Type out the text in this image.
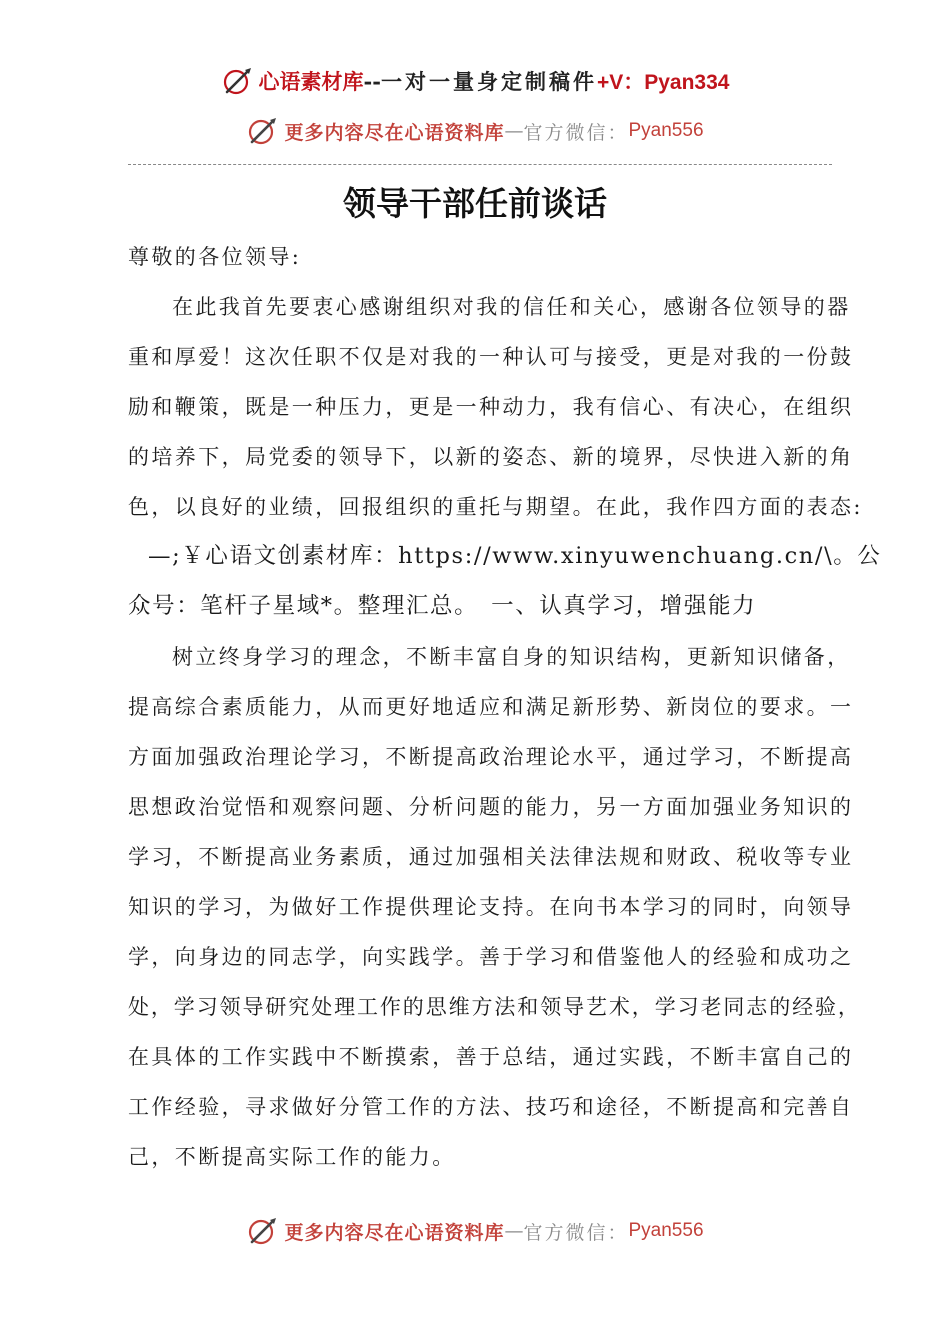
心语素材库 -- 一对一量身定制稿件 +V：Pyan334
更多内容尽在心语资料库 — 官方微信： Pyan556
领导干部任前谈话
尊敬的各位领导:
在此我首先要衷心感谢组织对我的信任和关心，感谢各位领导的器
重和厚爱！这次任职不仅是对我的一种认可与接受，更是对我的一份鼓
励和鞭策，既是一种压力，更是一种动力，我有信心、有决心，在组织
的培养下，局党委的领导下，以新的姿态、新的境界，尽快进入新的角
色，以良好的业绩，回报组织的重托与期望。在此，我作四方面的表态:
—;￥心语文创素材库：https://www.xinyuwenchuang.cn/\。公
众号：笔杆子星域*。整理汇总。　一、认真学习，增强能力
树立终身学习的理念，不断丰富自身的知识结构，更新知识储备，
提高综合素质能力，从而更好地适应和满足新形势、新岗位的要求。一
方面加强政治理论学习，不断提高政治理论水平，通过学习，不断提高
思想政治觉悟和观察问题、分析问题的能力，另一方面加强业务知识的
学习，不断提高业务素质，通过加强相关法律法规和财政、税收等专业
知识的学习，为做好工作提供理论支持。在向书本学习的同时，向领导
学，向身边的同志学，向实践学。善于学习和借鉴他人的经验和成功之
处，学习领导研究处理工作的思维方法和领导艺术，学习老同志的经验，
在具体的工作实践中不断摸索，善于总结，通过实践，不断丰富自己的
工作经验，寻求做好分管工作的方法、技巧和途径，不断提高和完善自
己，不断提高实际工作的能力。
更多内容尽在心语资料库 — 官方微信： Pyan556
